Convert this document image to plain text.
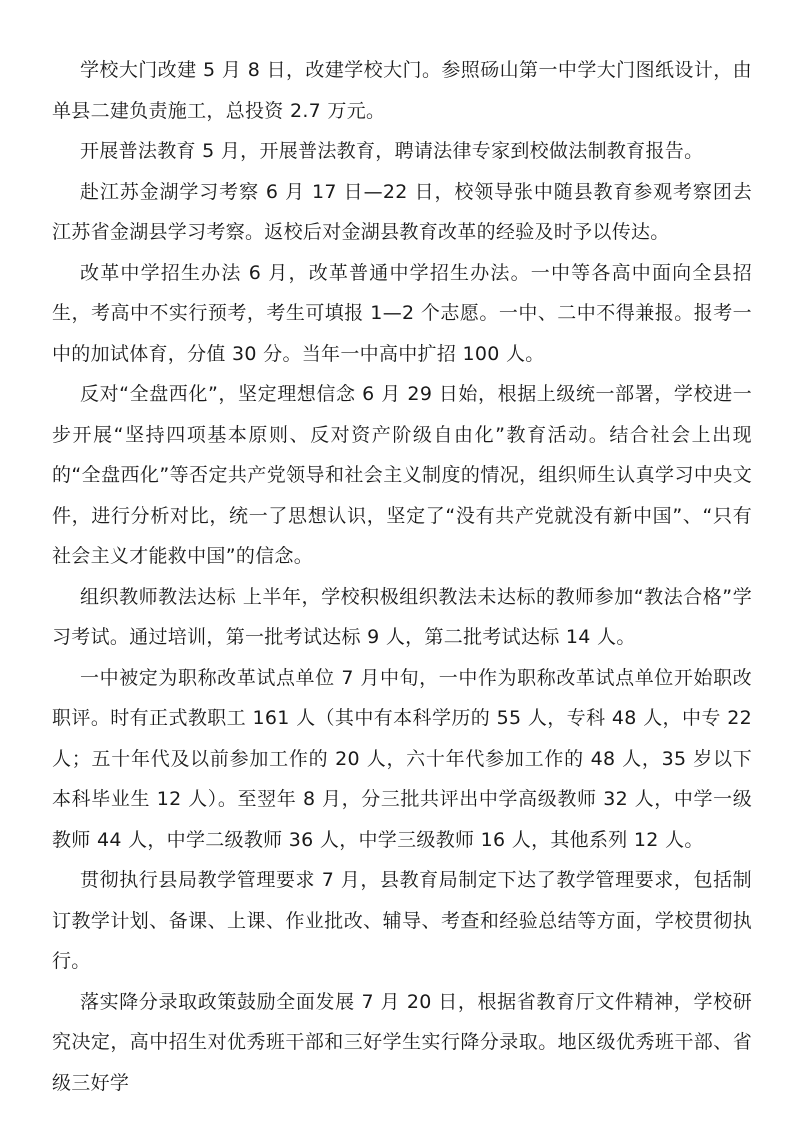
学校大门改建 5 月 8 日，改建学校大门。参照砀山第一中学大门图纸设计，由单县二建负责施工，总投资 2.7 万元。

开展普法教育 5 月，开展普法教育，聘请法律专家到校做法制教育报告。

赴江苏金湖学习考察 6 月 17 日—22 日，校领导张中随县教育参观考察团去江苏省金湖县学习考察。返校后对金湖县教育改革的经验及时予以传达。

改革中学招生办法 6 月，改革普通中学招生办法。一中等各高中面向全县招生，考高中不实行预考，考生可填报 1—2 个志愿。一中、二中不得兼报。报考一中的加试体育，分值 30 分。当年一中高中扩招 100 人。

反对“全盘西化”，坚定理想信念 6 月 29 日始，根据上级统一部署，学校进一步开展“坚持四项基本原则、反对资产阶级自由化”教育活动。结合社会上出现的“全盘西化”等否定共产党领导和社会主义制度的情况，组织师生认真学习中央文件，进行分析对比，统一了思想认识，坚定了“没有共产党就没有新中国”、“只有社会主义才能救中国”的信念。

组织教师教法达标 上半年，学校积极组织教法未达标的教师参加“教法合格”学习考试。通过培训，第一批考试达标 9 人，第二批考试达标 14 人。

一中被定为职称改革试点单位 7 月中旬，一中作为职称改革试点单位开始职改职评。时有正式教职工 161 人（其中有本科学历的 55 人，专科 48 人，中专 22 人；五十年代及以前参加工作的 20 人，六十年代参加工作的 48 人，35 岁以下本科毕业生 12 人）。至翌年 8 月，分三批共评出中学高级教师 32 人，中学一级教师 44 人，中学二级教师 36 人，中学三级教师 16 人，其他系列 12 人。

贯彻执行县局教学管理要求 7 月，县教育局制定下达了教学管理要求，包括制订教学计划、备课、上课、作业批改、辅导、考查和经验总结等方面，学校贯彻执行。

落实降分录取政策鼓励全面发展 7 月 20 日，根据省教育厅文件精神，学校研究决定，高中招生对优秀班干部和三好学生实行降分录取。地区级优秀班干部、省级三好学
